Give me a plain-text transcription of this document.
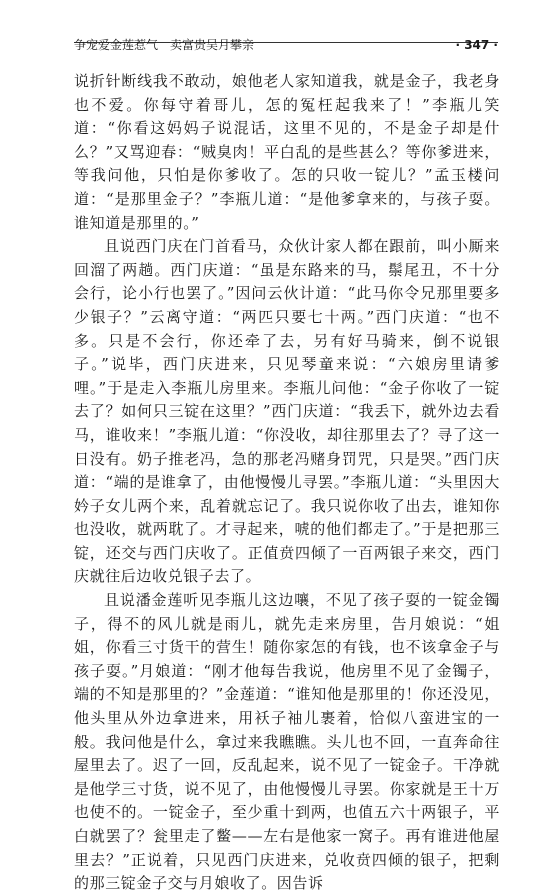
争宠爱金莲惹气　卖富贵吴月攀亲	· 347 ·

说折针断线我不敢动，娘他老人家知道我，就是金子，我老身也不爱。你每守着哥儿，怎的冤枉起我来了！”李瓶儿笑道：“你看这妈妈子说混话，这里不见的，不是金子却是什么？”又骂迎春：“贼臭肉！平白乱的是些甚么？等你爹进来，等我问他，只怕是你爹收了。怎的只收一锭儿？”孟玉楼问道：“是那里金子？”李瓶儿道：“是他爹拿来的，与孩子耍。谁知道是那里的。”

且说西门庆在门首看马，众伙计家人都在跟前，叫小厮来回溜了两趟。西门庆道：“虽是东路来的马，鬃尾丑，不十分会行，论小行也罢了。”因问云伙计道：“此马你令兄那里要多少银子？”云离守道：“两匹只要七十两。”西门庆道：“也不多。只是不会行，你还牵了去，另有好马骑来，倒不说银子。”说毕，西门庆进来，只见琴童来说：“六娘房里请爹哩。”于是走入李瓶儿房里来。李瓶儿问他：“金子你收了一锭去了？如何只三锭在这里？”西门庆道：“我丢下，就外边去看马，谁收来！”李瓶儿道：“你没收，却往那里去了？寻了这一日没有。奶子推老冯，急的那老冯赌身罚咒，只是哭。”西门庆道：“端的是谁拿了，由他慢慢儿寻罢。”李瓶儿道：“头里因大妗子女儿两个来，乱着就忘记了。我只说你收了出去，谁知你也没收，就两耽了。才寻起来，唬的他们都走了。”于是把那三锭，还交与西门庆收了。正值贲四倾了一百两银子来交，西门庆就往后边收兑银子去了。

且说潘金莲听见李瓶儿这边嚷，不见了孩子耍的一锭金镯子，得不的风儿就是雨儿，就先走来房里，告月娘说：“姐姐，你看三寸货干的营生！随你家怎的有钱，也不该拿金子与孩子耍。”月娘道：“刚才他每告我说，他房里不见了金镯子，端的不知是那里的？”金莲道：“谁知他是那里的！你还没见，他头里从外边拿进来，用袄子袖儿裹着，恰似八蛮进宝的一般。我问他是什么，拿过来我瞧瞧。头儿也不回，一直奔命往屋里去了。迟了一回，反乱起来，说不见了一锭金子。干净就是他学三寸货，说不见了，由他慢慢儿寻罢。你家就是王十万也使不的。一锭金子，至少重十到两，也值五六十两银子，平白就罢了？瓮里走了鳖——左右是他家一窝子。再有谁进他屋里去？”正说着，只见西门庆进来，兑收贲四倾的银子，把剩的那三锭金子交与月娘收了。因告诉
